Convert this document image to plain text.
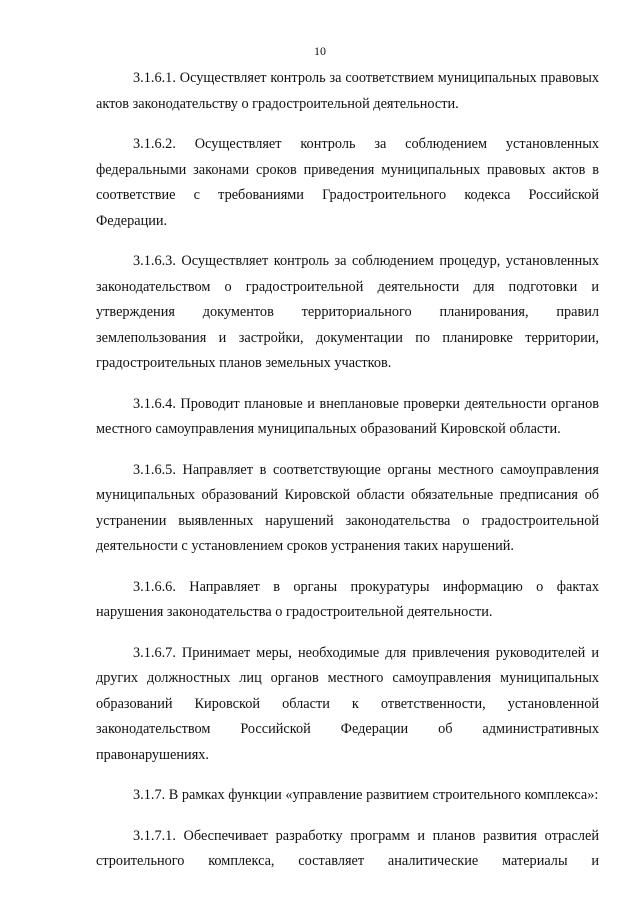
10

3.1.6.1. Осуществляет контроль за соответствием муниципальных правовых актов законодательству о градостроительной деятельности.

3.1.6.2. Осуществляет контроль за соблюдением установленных федеральными законами сроков приведения муниципальных правовых актов в соответствие с требованиями Градостроительного кодекса Российской Федерации.

3.1.6.3. Осуществляет контроль за соблюдением процедур, установленных законодательством о градостроительной деятельности для подготовки и утверждения документов территориального планирования, правил землепользования и застройки, документации по планировке территории, градостроительных планов земельных участков.

3.1.6.4. Проводит плановые и внеплановые проверки деятельности органов местного самоуправления муниципальных образований Кировской области.

3.1.6.5. Направляет в соответствующие органы местного самоуправления муниципальных образований Кировской области обязательные предписания об устранении выявленных нарушений законодательства о градостроительной деятельности с установлением сроков устранения таких нарушений.

3.1.6.6. Направляет в органы прокуратуры информацию о фактах нарушения законодательства о градостроительной деятельности.

3.1.6.7. Принимает меры, необходимые для привлечения руководителей и других должностных лиц органов местного самоуправления муниципальных образований Кировской области к ответственности, установленной законодательством Российской Федерации об административных правонарушениях.

3.1.7. В рамках функции «управление развитием строительного комплекса»:

3.1.7.1. Обеспечивает разработку программ и планов развития отраслей строительного комплекса, составляет аналитические материалы и
